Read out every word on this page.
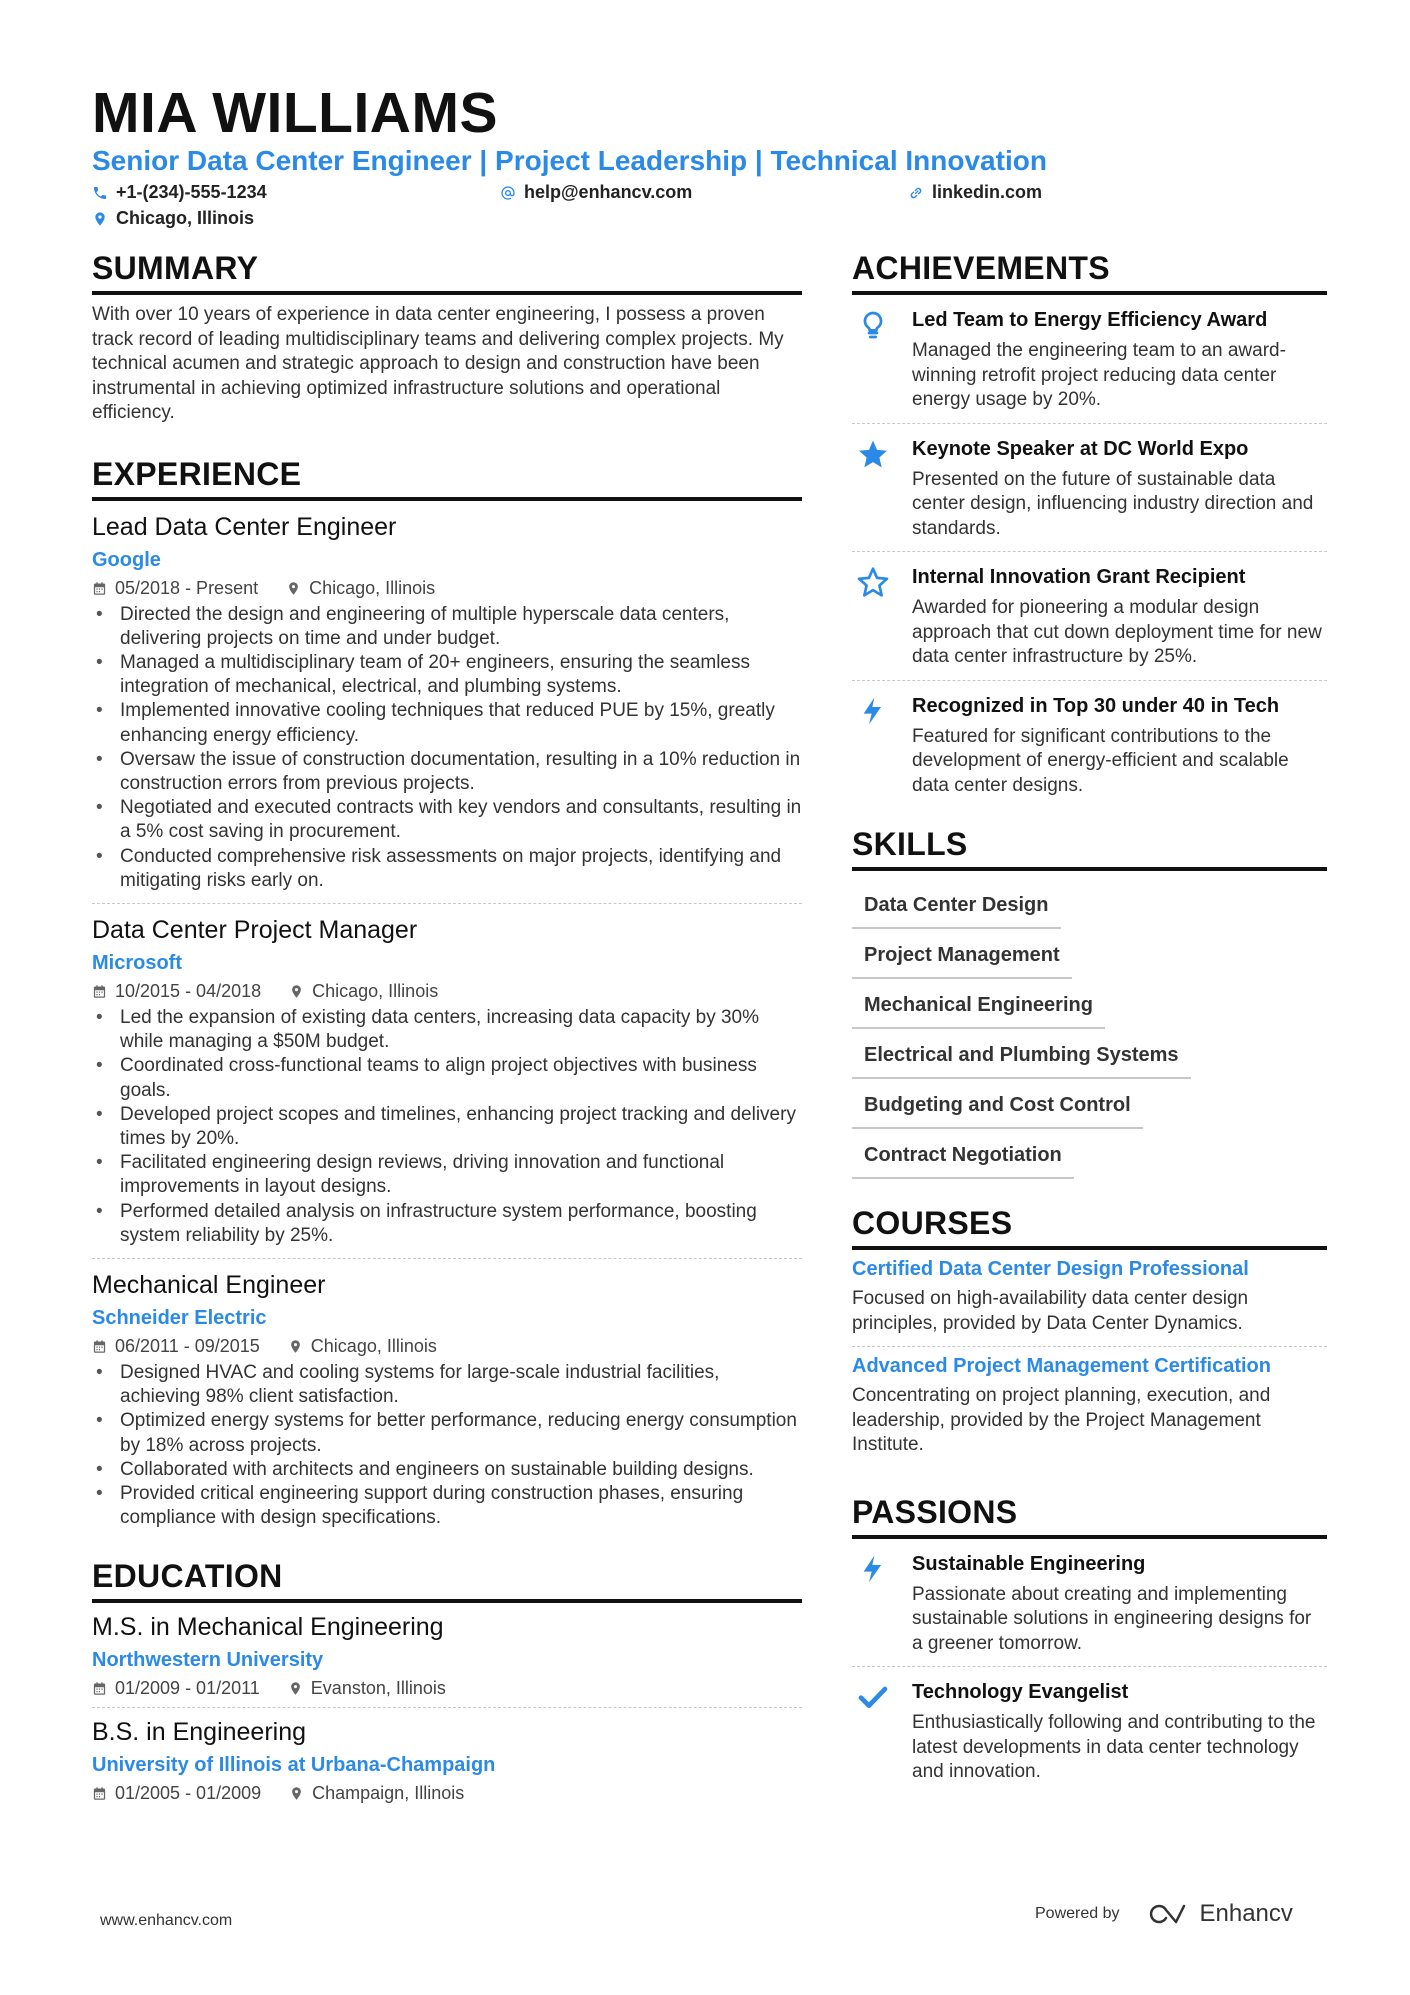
MIA WILLIAMS
Senior Data Center Engineer | Project Leadership | Technical Innovation
+1-(234)-555-1234	help@enhancv.com	linkedin.com
Chicago, Illinois
SUMMARY
With over 10 years of experience in data center engineering, I possess a proven track record of leading multidisciplinary teams and delivering complex projects. My technical acumen and strategic approach to design and construction have been instrumental in achieving optimized infrastructure solutions and operational efficiency.
EXPERIENCE
Lead Data Center Engineer
Google
05/2018 - Present	Chicago, Illinois
• Directed the design and engineering of multiple hyperscale data centers, delivering projects on time and under budget.
• Managed a multidisciplinary team of 20+ engineers, ensuring the seamless integration of mechanical, electrical, and plumbing systems.
• Implemented innovative cooling techniques that reduced PUE by 15%, greatly enhancing energy efficiency.
• Oversaw the issue of construction documentation, resulting in a 10% reduction in construction errors from previous projects.
• Negotiated and executed contracts with key vendors and consultants, resulting in a 5% cost saving in procurement.
• Conducted comprehensive risk assessments on major projects, identifying and mitigating risks early on.
Data Center Project Manager
Microsoft
10/2015 - 04/2018	Chicago, Illinois
• Led the expansion of existing data centers, increasing data capacity by 30% while managing a $50M budget.
• Coordinated cross-functional teams to align project objectives with business goals.
• Developed project scopes and timelines, enhancing project tracking and delivery times by 20%.
• Facilitated engineering design reviews, driving innovation and functional improvements in layout designs.
• Performed detailed analysis on infrastructure system performance, boosting system reliability by 25%.
Mechanical Engineer
Schneider Electric
06/2011 - 09/2015	Chicago, Illinois
• Designed HVAC and cooling systems for large-scale industrial facilities, achieving 98% client satisfaction.
• Optimized energy systems for better performance, reducing energy consumption by 18% across projects.
• Collaborated with architects and engineers on sustainable building designs.
• Provided critical engineering support during construction phases, ensuring compliance with design specifications.
EDUCATION
M.S. in Mechanical Engineering
Northwestern University
01/2009 - 01/2011	Evanston, Illinois
B.S. in Engineering
University of Illinois at Urbana-Champaign
01/2005 - 01/2009	Champaign, Illinois
ACHIEVEMENTS
Led Team to Energy Efficiency Award
Managed the engineering team to an award-winning retrofit project reducing data center energy usage by 20%.
Keynote Speaker at DC World Expo
Presented on the future of sustainable data center design, influencing industry direction and standards.
Internal Innovation Grant Recipient
Awarded for pioneering a modular design approach that cut down deployment time for new data center infrastructure by 25%.
Recognized in Top 30 under 40 in Tech
Featured for significant contributions to the development of energy-efficient and scalable data center designs.
SKILLS
Data Center Design
Project Management
Mechanical Engineering
Electrical and Plumbing Systems
Budgeting and Cost Control
Contract Negotiation
COURSES
Certified Data Center Design Professional
Focused on high-availability data center design principles, provided by Data Center Dynamics.
Advanced Project Management Certification
Concentrating on project planning, execution, and leadership, provided by the Project Management Institute.
PASSIONS
Sustainable Engineering
Passionate about creating and implementing sustainable solutions in engineering designs for a greener tomorrow.
Technology Evangelist
Enthusiastically following and contributing to the latest developments in data center technology and innovation.
www.enhancv.com	Powered by	Enhancv
